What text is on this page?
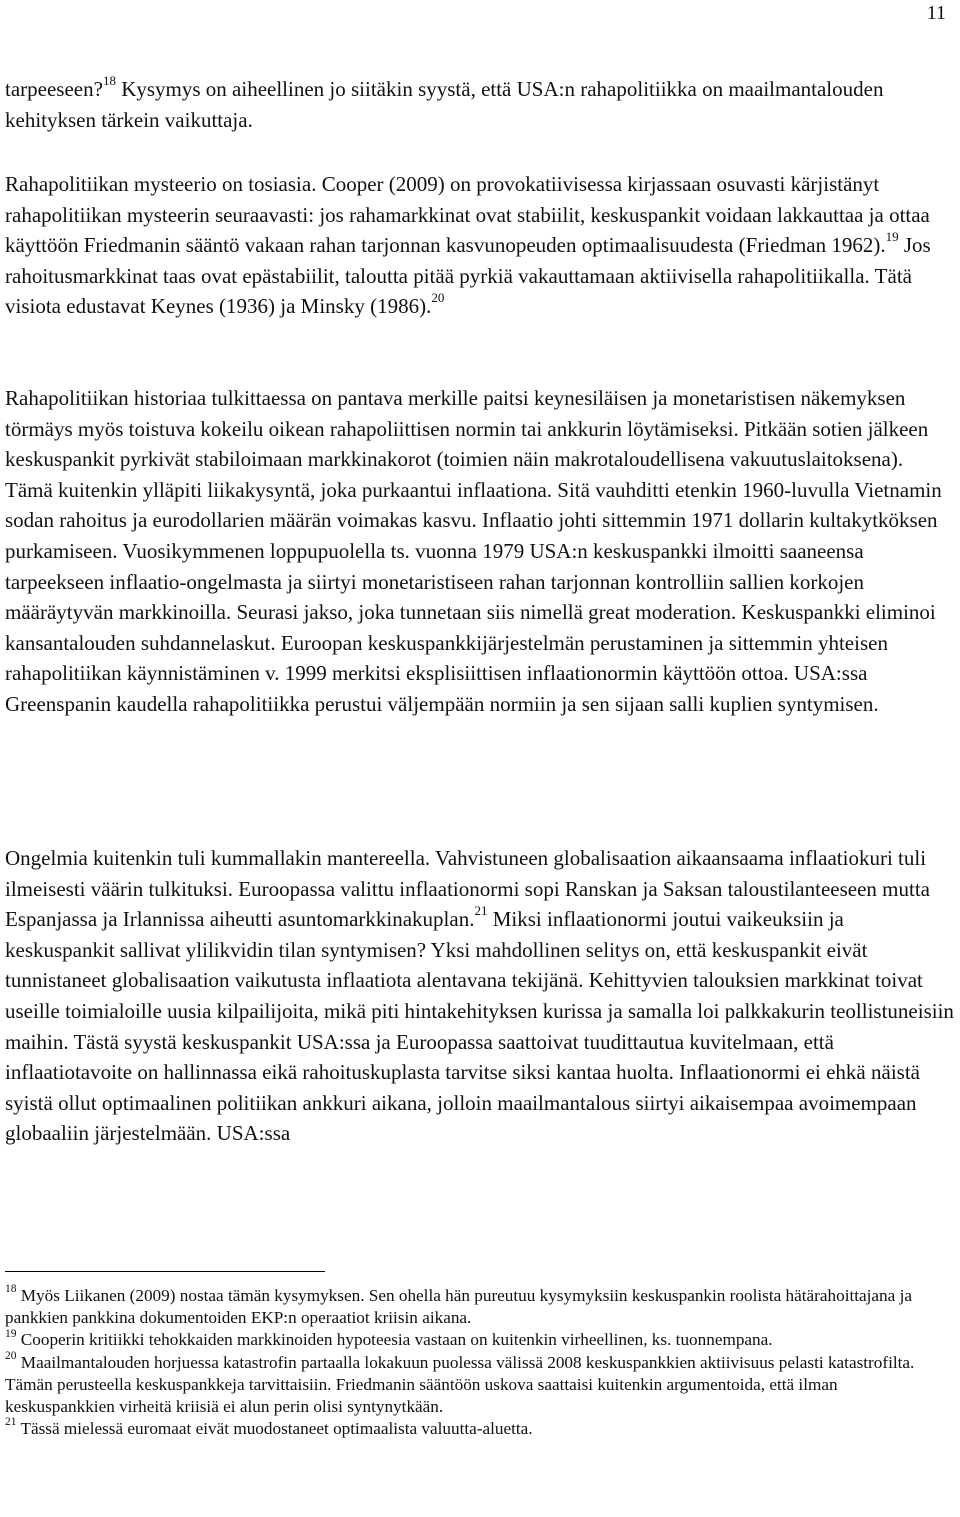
11

tarpeeseen?$^{18}$ Kysymys on aiheellinen jo siitäkin syystä, että USA:n rahapolitiikka on maailmantalouden kehityksen tärkein vaikuttaja.

Rahapolitiikan mysteerio on tosiasia. Cooper (2009) on provokatiivisessa kirjassaan osuvasti kärjistänyt rahapolitiikan mysteerin seuraavasti: jos rahamarkkinat ovat stabiilit, keskuspankit voidaan lakkauttaa ja ottaa käyttöön Friedmanin sääntö vakaan rahan tarjonnan kasvunopeuden optimaalisuudesta (Friedman 1962).$^{19}$ Jos rahoitusmarkkinat taas ovat epästabiilit, taloutta pitää pyrkiä vakauttamaan aktiivisella rahapolitiikalla. Tätä visiota edustavat Keynes (1936) ja Minsky (1986).$^{20}$

Rahapolitiikan historiaa tulkittaessa on pantava merkille paitsi keynesiläisen ja monetaristisen näkemyksen törmäys myös toistuva kokeilu oikean rahapoliittisen normin tai ankkurin löytämiseksi. Pitkään sotien jälkeen keskuspankit pyrkivät stabiloimaan markkinakorot (toimien näin makrotaloudellisena vakuutuslaitoksena). Tämä kuitenkin ylläpiti liikakysyntä, joka purkaantui inflaationa. Sitä vauhditti etenkin 1960-luvulla Vietnamin sodan rahoitus ja eurodollarien määrän voimakas kasvu. Inflaatio johti sittemmin 1971 dollarin kultakytköksen purkamiseen. Vuosikymmenen loppupuolella ts. vuonna 1979 USA:n keskuspankki ilmoitti saaneensa tarpeekseen inflaatio-ongelmasta ja siirtyi monetaristiseen rahan tarjonnan kontrolliin sallien korkojen määräytyvän markkinoilla. Seurasi jakso, joka tunnetaan siis nimellä great moderation. Keskuspankki eliminoi kansantalouden suhdannelaskut. Euroopan keskuspankkijärjestelmän perustaminen ja sittemmin yhteisen rahapolitiikan käynnistäminen v. 1999 merkitsi eksplisiittisen inflaationormin käyttöön ottoa. USA:ssa Greenspanin kaudella rahapolitiikka perustui väljempään normiin ja sen sijaan salli kuplien syntymisen.

Ongelmia kuitenkin tuli kummallakin mantereella. Vahvistuneen globalisaation aikaansaama inflaatiokuri tuli ilmeisesti väärin tulkituksi. Euroopassa valittu inflaationormi sopi Ranskan ja Saksan taloustilanteeseen mutta Espanjassa ja Irlannissa aiheutti asuntomarkkinakuplan.$^{21}$ Miksi inflaationormi joutui vaikeuksiin ja keskuspankit sallivat ylilikvidin tilan syntymisen? Yksi mahdollinen selitys on, että keskuspankit eivät tunnistaneet globalisaation vaikutusta inflaatiota alentavana tekijänä. Kehittyvien talouksien markkinat toivat useille toimialoille uusia kilpailijoita, mikä piti hintakehityksen kurissa ja samalla loi palkkakurin teollistuneisiin maihin. Tästä syystä keskuspankit USA:ssa ja Euroopassa saattoivat tuudittautua kuvitelmaan, että inflaatiotavoite on hallinnassa eikä rahoituskuplasta tarvitse siksi kantaa huolta. Inflaationormi ei ehkä näistä syistä ollut optimaalinen politiikan ankkuri aikana, jolloin maailmantalous siirtyi aikaisempaa avoimempaan globaaliin järjestelmään. USA:ssa

$^{18}$ Myös Liikanen (2009) nostaa tämän kysymyksen. Sen ohella hän pureutuu kysymyksiin keskuspankin roolista hätärahoittajana ja pankkien pankkina dokumentoiden EKP:n operaatiot kriisin aikana.

$^{19}$ Cooperin kritiikki tehokkaiden markkinoiden hypoteesia vastaan on kuitenkin virheellinen, ks. tuonnempana.

$^{20}$ Maailmantalouden horjuessa katastrofin partaalla lokakuun puolessa välissä 2008 keskuspankkien aktiivisuus pelasti katastrofilta. Tämän perusteella keskuspankkeja tarvittaisiin. Friedmanin sääntöön uskova saattaisi kuitenkin argumentoida, että ilman keskuspankkien virheitä kriisiä ei alun perin olisi syntynytkään.

$^{21}$ Tässä mielessä euromaat eivät muodostaneet optimaalista valuutta-aluetta.
